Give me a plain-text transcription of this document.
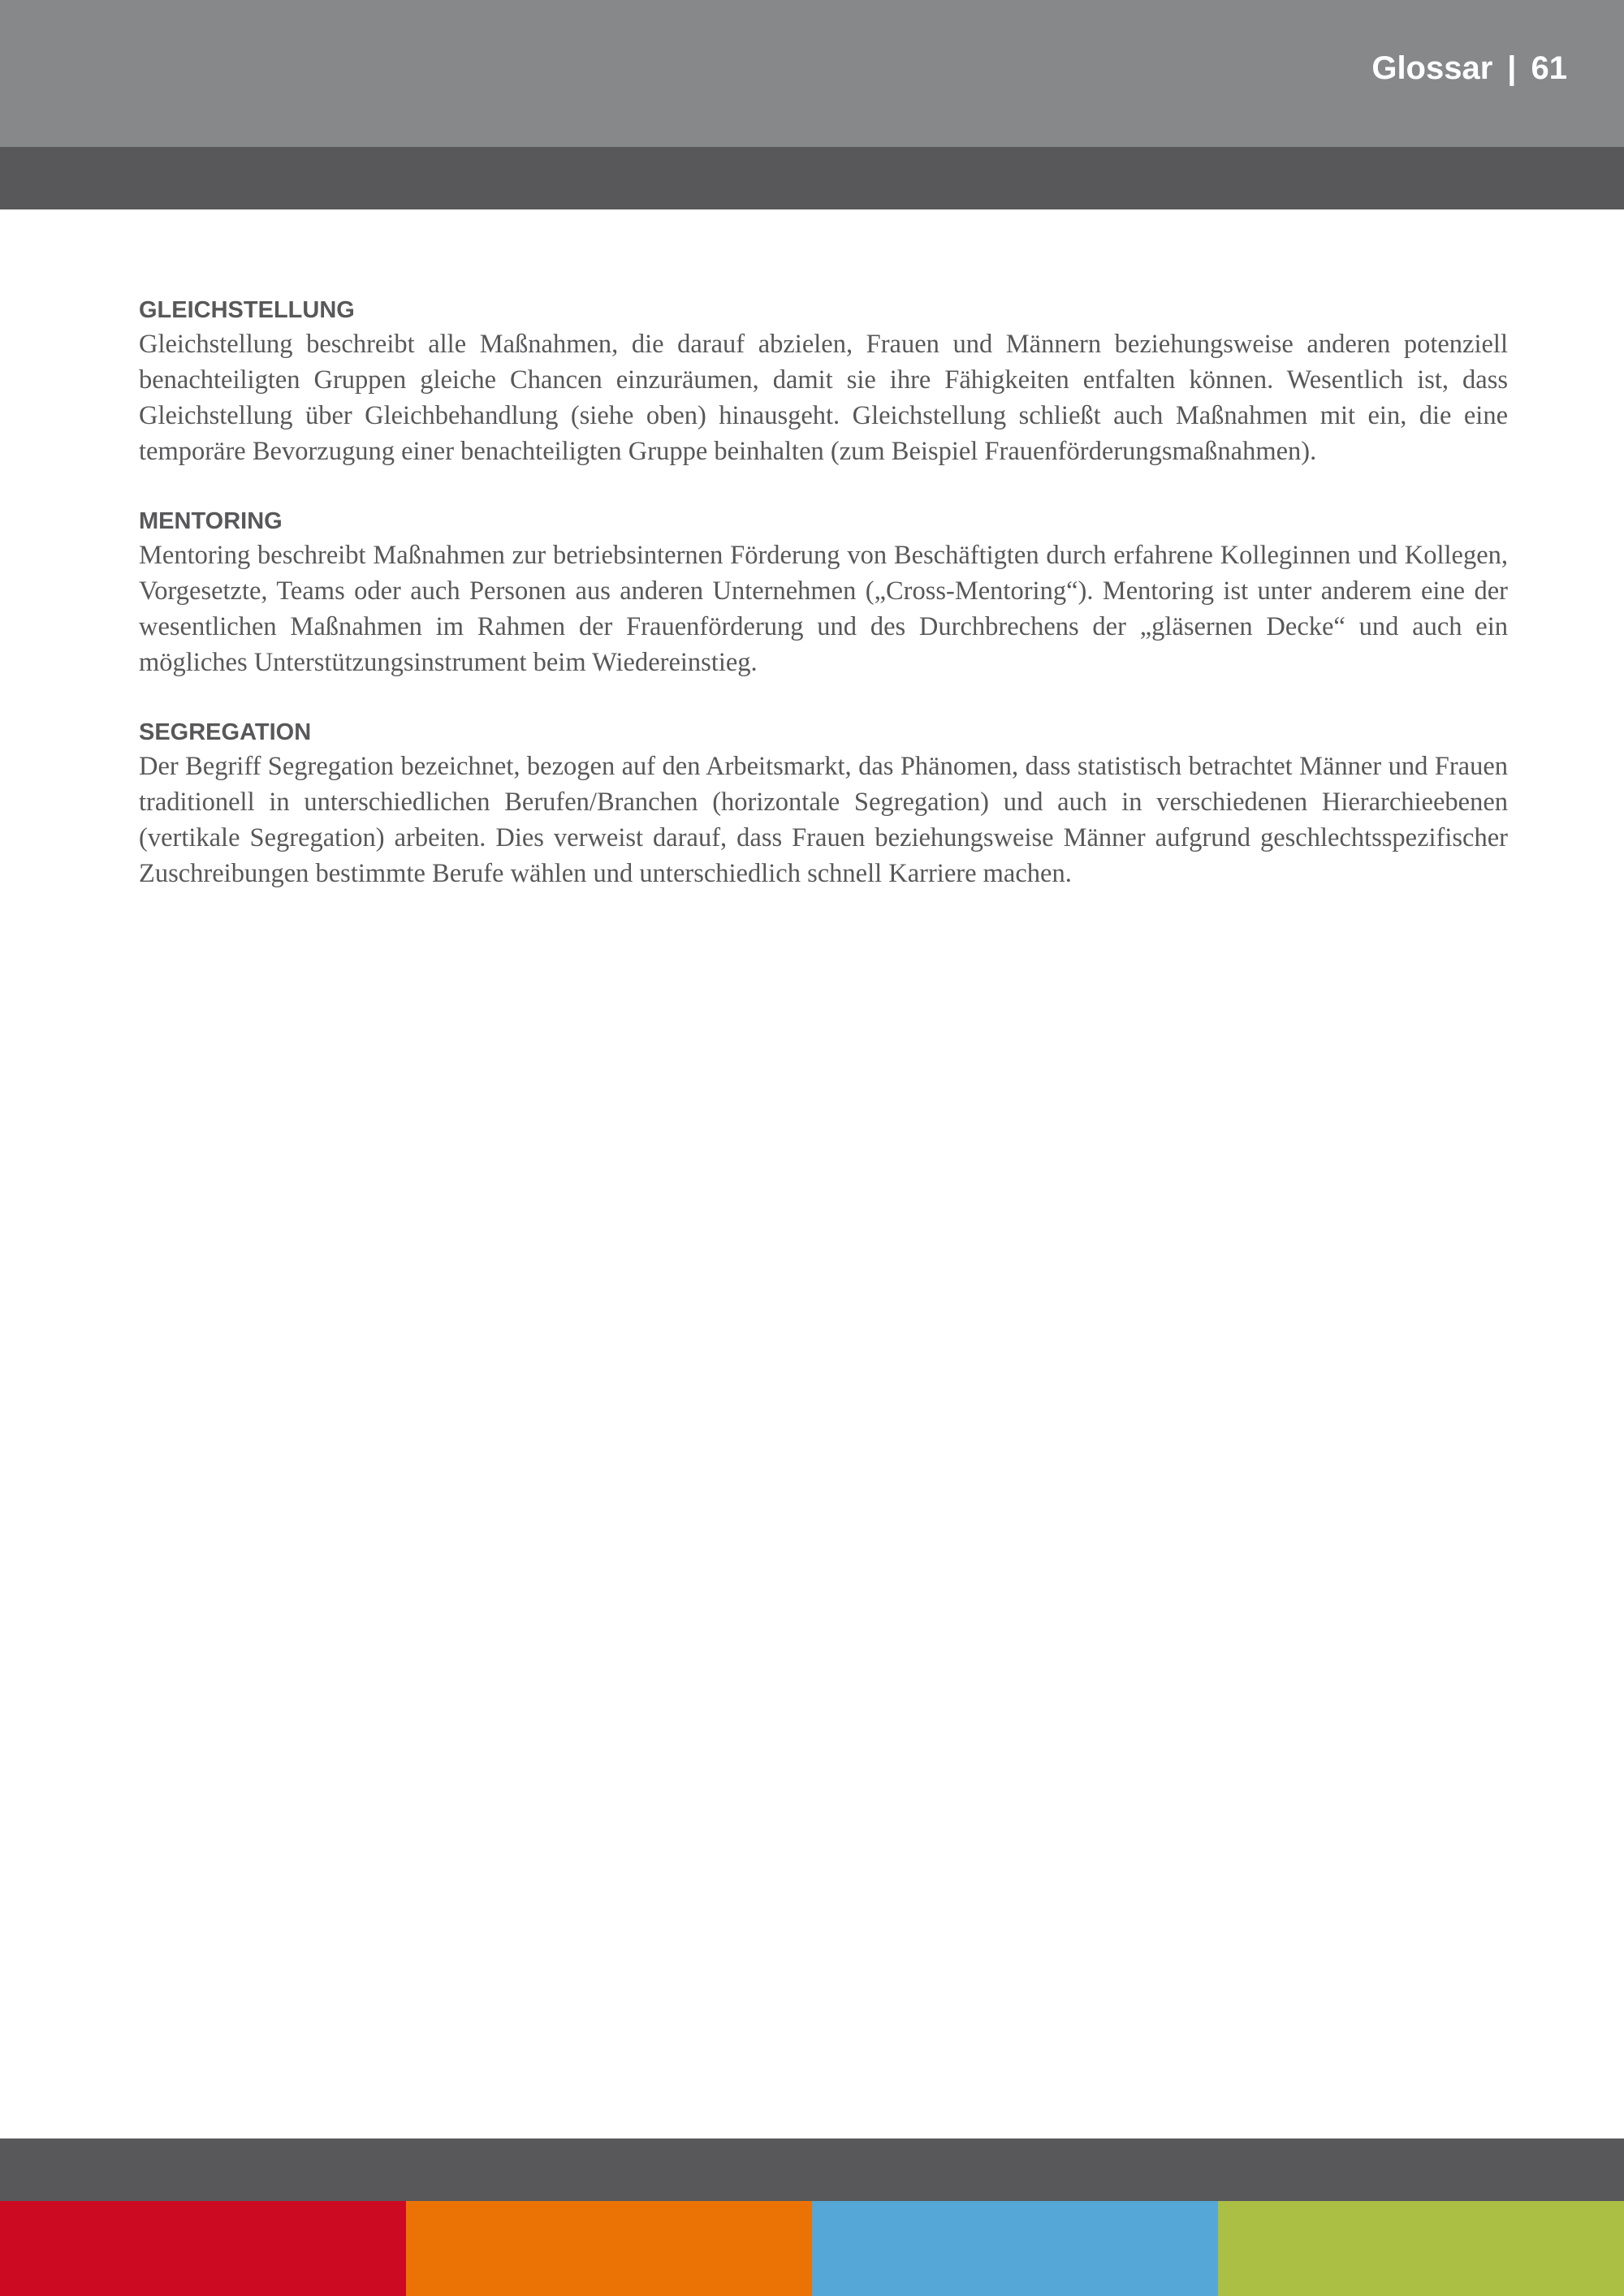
Glossar | 61
GLEICHSTELLUNG

Gleichstellung beschreibt alle Maßnahmen, die darauf abzielen, Frauen und Männern beziehungsweise anderen potenziell benachteiligten Gruppen gleiche Chancen einzuräumen, damit sie ihre Fähigkeiten entfalten können. Wesentlich ist, dass Gleichstellung über Gleichbehandlung (siehe oben) hinausgeht. Gleichstellung schließt auch Maßnahmen mit ein, die eine temporäre Bevorzugung einer benachteiligten Gruppe beinhalten (zum Beispiel Frauenförderungsmaßnahmen).

MENTORING

Mentoring beschreibt Maßnahmen zur betriebsinternen Förderung von Beschäftigten durch erfahrene Kolleginnen und Kollegen, Vorgesetzte, Teams oder auch Personen aus anderen Unternehmen („Cross-Mentoring“). Mentoring ist unter anderem eine der wesentlichen Maßnahmen im Rahmen der Frauenförderung und des Durchbrechens der „gläsernen Decke“ und auch ein mögliches Unterstützungsinstrument beim Wiedereinstieg.

SEGREGATION

Der Begriff Segregation bezeichnet, bezogen auf den Arbeitsmarkt, das Phänomen, dass statistisch betrachtet Männer und Frauen traditionell in unterschiedlichen Berufen/Branchen (horizontale Segregation) und auch in verschiedenen Hierarchieebenen (vertikale Segregation) arbeiten. Dies verweist darauf, dass Frauen beziehungsweise Männer aufgrund geschlechtsspezifischer Zuschreibungen bestimmte Berufe wählen und unterschiedlich schnell Karriere machen.
